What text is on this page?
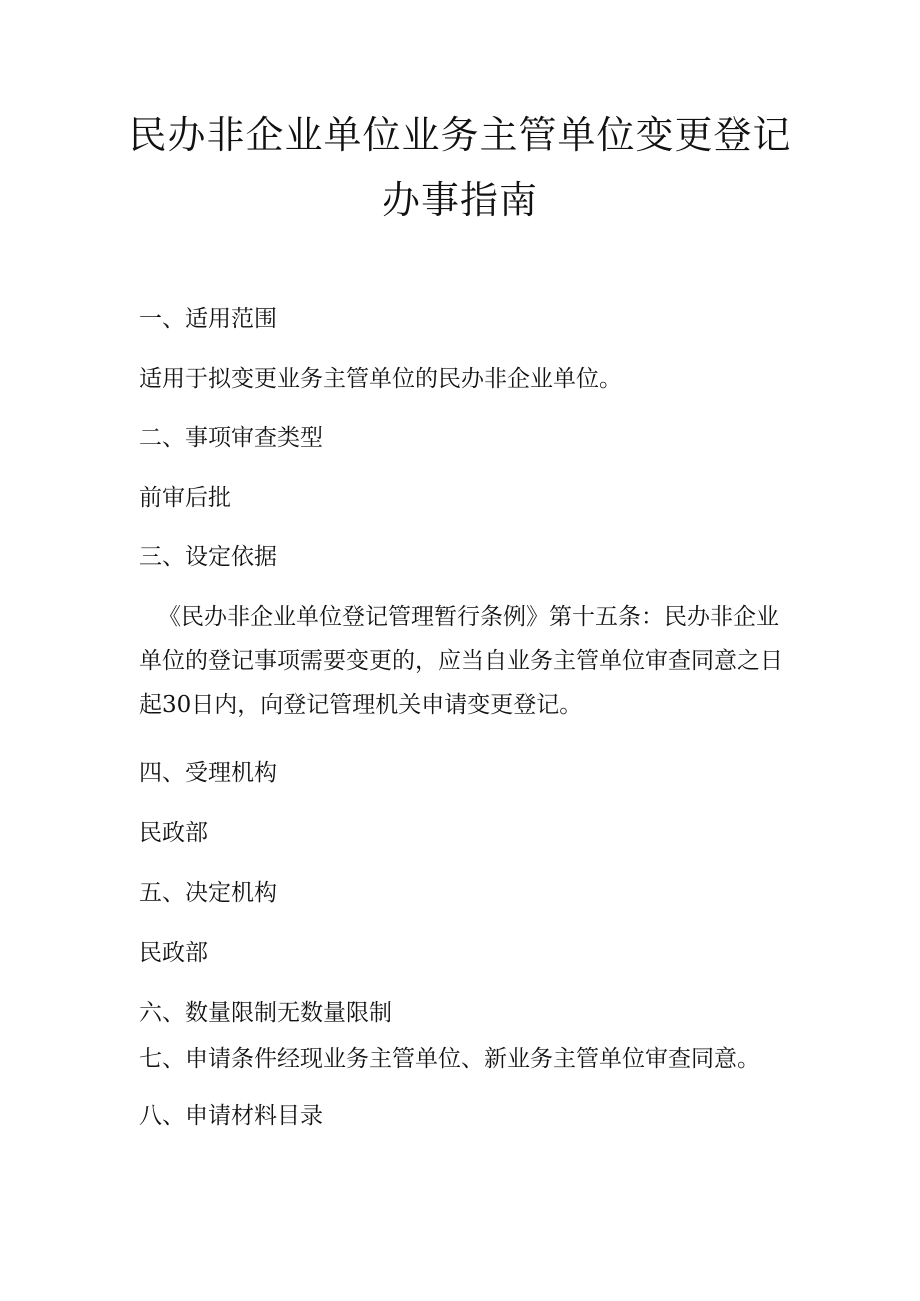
民办非企业单位业务主管单位变更登记
办事指南
一、适用范围
适用于拟变更业务主管单位的民办非企业单位。
二、事项审查类型
前审后批
三、设定依据
《民办非企业单位登记管理暂行条例》第十五条：民办非企业
单位的登记事项需要变更的，应当自业务主管单位审查同意之日
起30日内，向登记管理机关申请变更登记。
四、受理机构
民政部
五、决定机构
民政部
六、数量限制无数量限制
七、申请条件经现业务主管单位、新业务主管单位审查同意。
八、申请材料目录
